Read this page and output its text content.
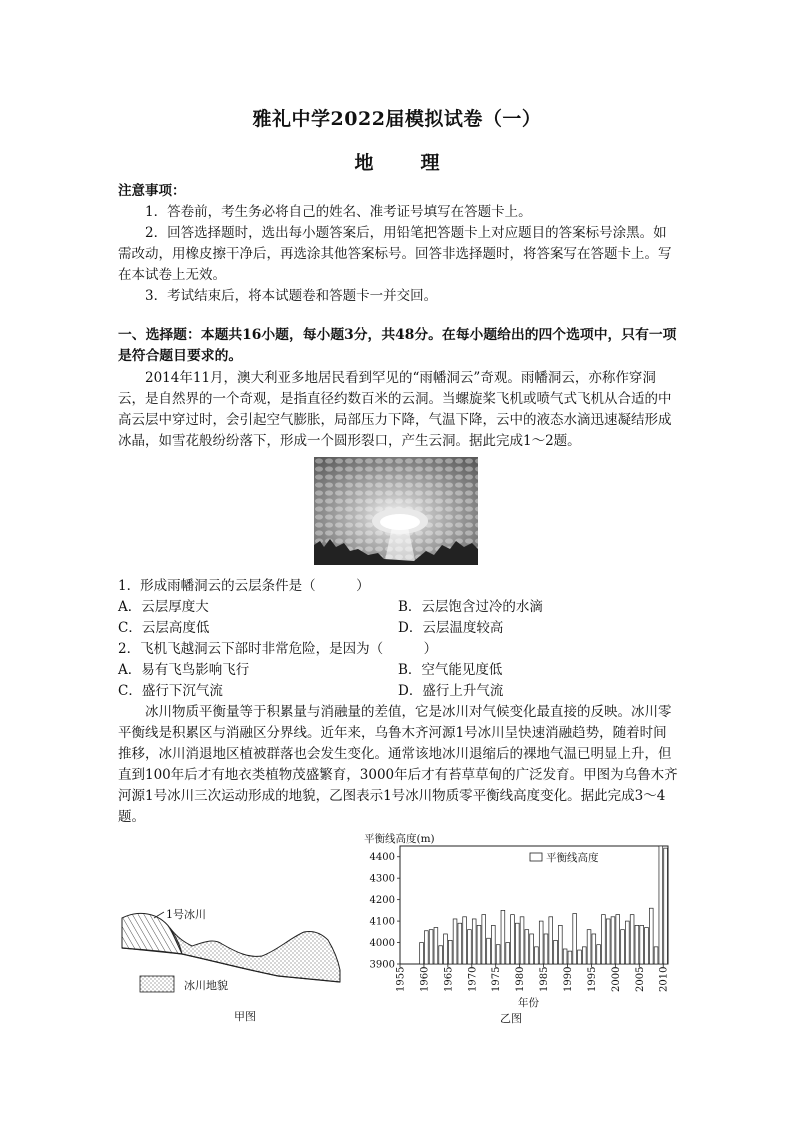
雅礼中学2022届模拟试卷（一）
地　理
注意事项：
1．答卷前，考生务必将自己的姓名、准考证号填写在答题卡上。
2．回答选择题时，选出每小题答案后，用铅笔把答题卡上对应题目的答案标号涂黑。如需改动，用橡皮擦干净后，再选涂其他答案标号。回答非选择题时，将答案写在答题卡上。写在本试卷上无效。
3．考试结束后，将本试题卷和答题卡一并交回。
一、选择题：本题共16小题，每小题3分，共48分。在每小题给出的四个选项中，只有一项是符合题目要求的。
2014年11月，澳大利亚多地居民看到罕见的“雨幡洞云”奇观。雨幡洞云，亦称作穿洞云，是自然界的一个奇观，是指直径约数百米的云洞。当螺旋桨飞机或喷气式飞机从合适的中高云层中穿过时，会引起空气膨胀，局部压力下降，气温下降，云中的液态水滴迅速凝结形成冰晶，如雪花般纷纷落下，形成一个圆形裂口，产生云洞。据此完成1～2题。
1．形成雨幡洞云的云层条件是（　　　）
A．云层厚度大	B．云层饱含过冷的水滴
C．云层高度低	D．云层温度较高
2．飞机飞越洞云下部时非常危险，是因为（　　　）
A．易有飞鸟影响飞行	B．空气能见度低
C．盛行下沉气流	D．盛行上升气流
冰川物质平衡量等于积累量与消融量的差值，它是冰川对气候变化最直接的反映。冰川零平衡线是积累区与消融区分界线。近年来，乌鲁木齐河源1号冰川呈快速消融趋势，随着时间推移，冰川消退地区植被群落也会发生变化。通常该地冰川退缩后的裸地气温已明显上升，但直到100年后才有地衣类植物茂盛繁育，3000年后才有苔草草甸的广泛发育。甲图为乌鲁木齐河源1号冰川三次运动形成的地貌，乙图表示1号冰川物质零平衡线高度变化。据此完成3～4题。
1号冰川
冰川地貌
甲图
平衡线高度(m)
3900
4000
4100
4200
4300
4400
1955 1960 1965 1970 1975 1980 1985 1990 1995 2000 2005 2010
平衡线高度
年份
乙图
